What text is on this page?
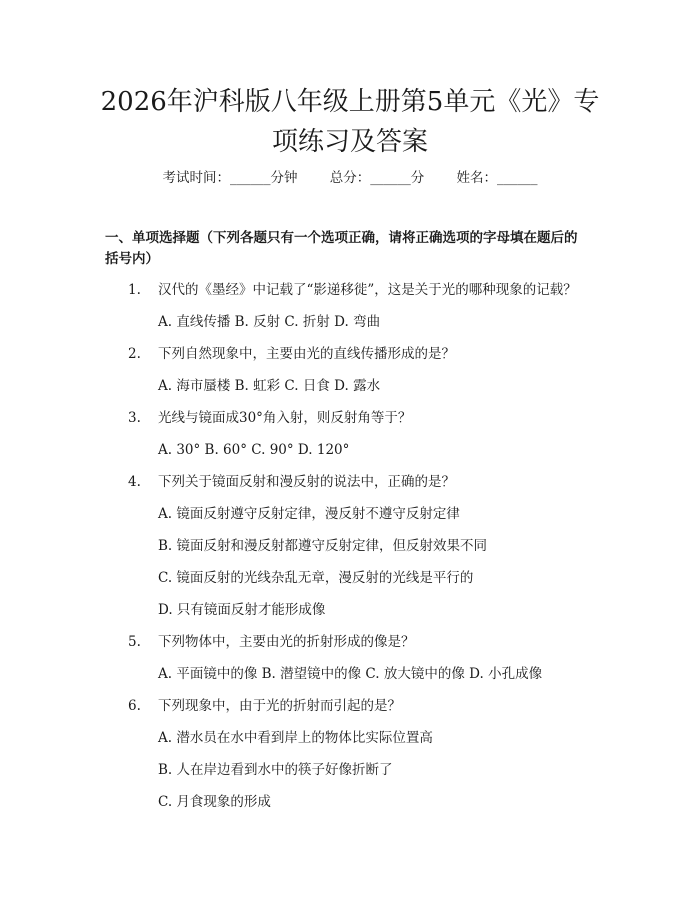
2026年沪科版八年级上册第5单元《光》专
项练习及答案
考试时间：______分钟 总分：______分 姓名：______
一、单项选择题（下列各题只有一个选项正确，请将正确选项的字母填在题后的
括号内）
1. 汉代的《墨经》中记载了“影递移徙”，这是关于光的哪种现象的记载？
A. 直线传播 B. 反射 C. 折射 D. 弯曲
2. 下列自然现象中，主要由光的直线传播形成的是？
A. 海市蜃楼 B. 虹彩 C. 日食 D. 露水
3. 光线与镜面成30°角入射，则反射角等于？
A. 30° B. 60° C. 90° D. 120°
4. 下列关于镜面反射和漫反射的说法中，正确的是？
A. 镜面反射遵守反射定律，漫反射不遵守反射定律
B. 镜面反射和漫反射都遵守反射定律，但反射效果不同
C. 镜面反射的光线杂乱无章，漫反射的光线是平行的
D. 只有镜面反射才能形成像
5. 下列物体中，主要由光的折射形成的像是？
A. 平面镜中的像 B. 潜望镜中的像 C. 放大镜中的像 D. 小孔成像
6. 下列现象中，由于光的折射而引起的是？
A. 潜水员在水中看到岸上的物体比实际位置高
B. 人在岸边看到水中的筷子好像折断了
C. 月食现象的形成
